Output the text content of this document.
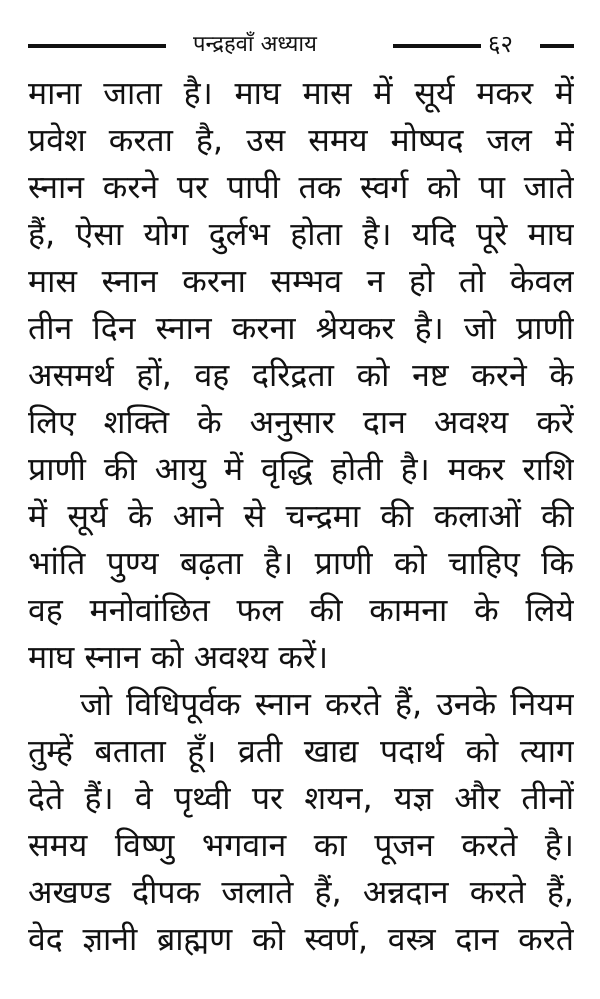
पन्द्रहवाँ अध्याय	६२
माना जाता है। माघ मास में सूर्य मकर में
प्रवेश करता है, उस समय मोष्पद जल में
स्नान करने पर पापी तक स्वर्ग को पा जाते
हैं, ऐसा योग दुर्लभ होता है। यदि पूरे माघ
मास स्नान करना सम्भव न हो तो केवल
तीन दिन स्नान करना श्रेयकर है। जो प्राणी
असमर्थ हों, वह दरिद्रता को नष्ट करने के
लिए शक्ति के अनुसार दान अवश्य करें
प्राणी की आयु में वृद्धि होती है। मकर राशि
में सूर्य के आने से चन्द्रमा की कलाओं की
भांति पुण्य बढ़ता है। प्राणी को चाहिए कि
वह मनोवांछित फल की कामना के लिये
माघ स्नान को अवश्य करें।
जो विधिपूर्वक स्नान करते हैं, उनके नियम
तुम्हें बताता हूँ। व्रती खाद्य पदार्थ को त्याग
देते हैं। वे पृथ्वी पर शयन, यज्ञ और तीनों
समय विष्णु भगवान का पूजन करते है।
अखण्ड दीपक जलाते हैं, अन्नदान करते हैं,
वेद ज्ञानी ब्राह्मण को स्वर्ण, वस्त्र दान करते
